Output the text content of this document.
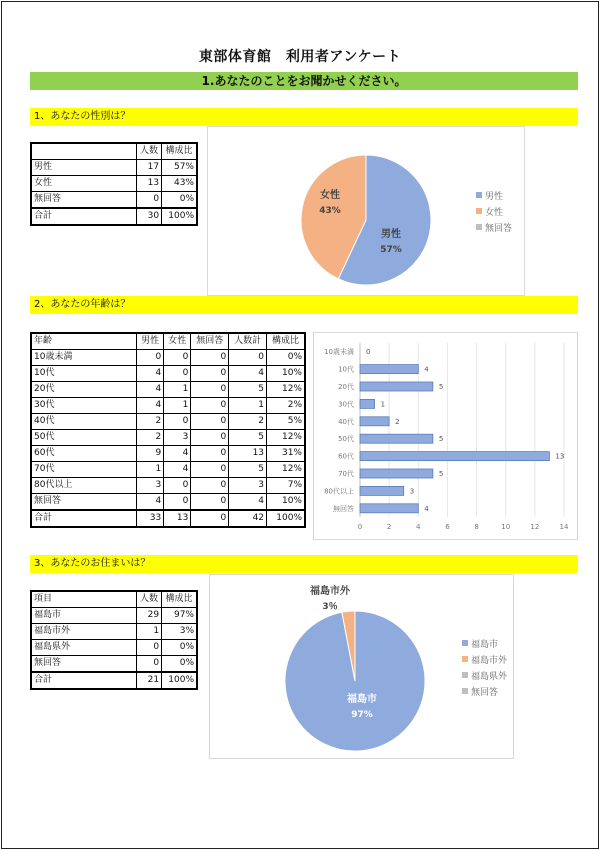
東部体育館　利用者アンケート
1.あなたのことをお聞かせください。
1、あなたの性別は？
	人数	構成比
男性	17	57%
女性	13	43%
無回答	0	0%
合計	30	100%
男性
57%
女性
43%
男性
女性
無回答
2、あなたの年齢は？
年齢	男性	女性	無回答	人数計	構成比
10歳未満	0	0	0	0	0%
10代	4	0	0	4	10%
20代	4	1	0	5	12%
30代	4	1	0	1	2%
40代	2	0	0	2	5%
50代	2	3	0	5	12%
60代	9	4	0	13	31%
70代	1	4	0	5	12%
80代以上	3	0	0	3	7%
無回答	4	0	0	4	10%
合計	33	13	0	42	100%
0	2	4	6	8	10	12	14
10歳未満 0
10代	4
20代	5
30代	1
40代	2
50代	5
60代	13
70代	5
80代以上	3
無回答	4
3、あなたのお住まいは？
項目	人数	構成比
福島市	29	97%
福島市外	1	3%
福島県外	0	0%
無回答	0	0%
合計	21	100%
福島市
97%
福島市外
3％
福島市
福島市外
福島県外
無回答
